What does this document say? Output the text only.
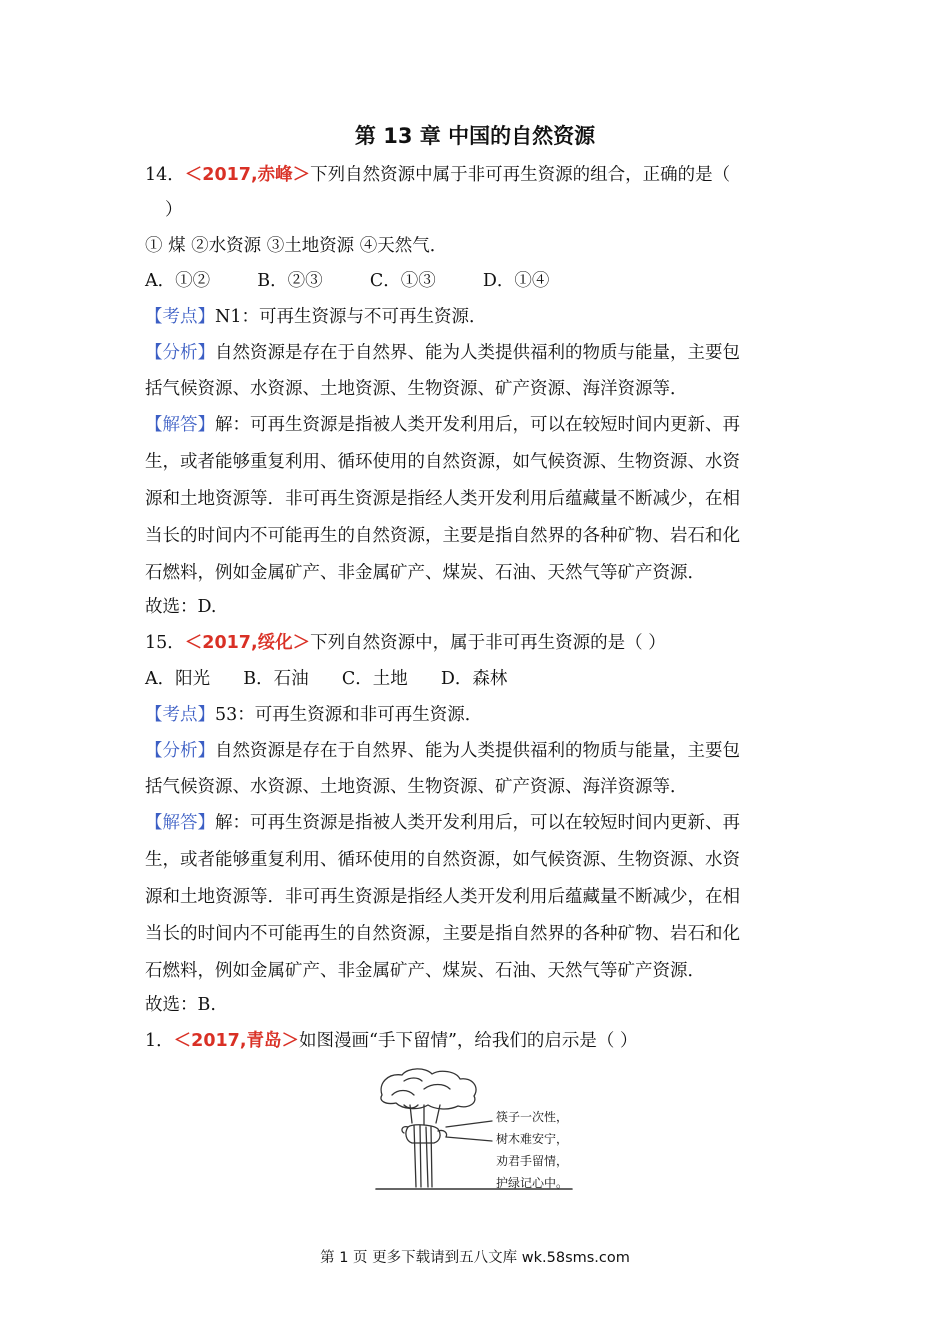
第 13 章 中国的自然资源
14．＜2017,赤峰＞下列自然资源中属于非可再生资源的组合，正确的是（
）
① 煤 ②水资源 ③土地资源 ④天然气．
A．①②	B．②③	C．①③	D．①④
【考点】N1：可再生资源与不可再生资源．
【分析】自然资源是存在于自然界、能为人类提供福利的物质与能量，主要包
括气候资源、水资源、土地资源、生物资源、矿产资源、海洋资源等．
【解答】解：可再生资源是指被人类开发利用后，可以在较短时间内更新、再
生，或者能够重复利用、循环使用的自然资源，如气候资源、生物资源、水资
源和土地资源等．非可再生资源是指经人类开发利用后蕴藏量不断减少，在相
当长的时间内不可能再生的自然资源，主要是指自然界的各种矿物、岩石和化
石燃料，例如金属矿产、非金属矿产、煤炭、石油、天然气等矿产资源．
故选：D.
15．＜2017,绥化＞下列自然资源中，属于非可再生资源的是（ ）
A．阳光 B．石油 C．土地 D．森林
【考点】53：可再生资源和非可再生资源．
【分析】自然资源是存在于自然界、能为人类提供福利的物质与能量，主要包
括气候资源、水资源、土地资源、生物资源、矿产资源、海洋资源等．
【解答】解：可再生资源是指被人类开发利用后，可以在较短时间内更新、再
生，或者能够重复利用、循环使用的自然资源，如气候资源、生物资源、水资
源和土地资源等．非可再生资源是指经人类开发利用后蕴藏量不断减少，在相
当长的时间内不可能再生的自然资源，主要是指自然界的各种矿物、岩石和化
石燃料，例如金属矿产、非金属矿产、煤炭、石油、天然气等矿产资源．
故选：B.
1．＜2017,青岛＞如图漫画“手下留情”，给我们的启示是（ ）
筷子一次性，
树木难安宁，
劝君手留情，
护绿记心中。
第 1 页 更多下载请到五八文库 wk.58sms.com
